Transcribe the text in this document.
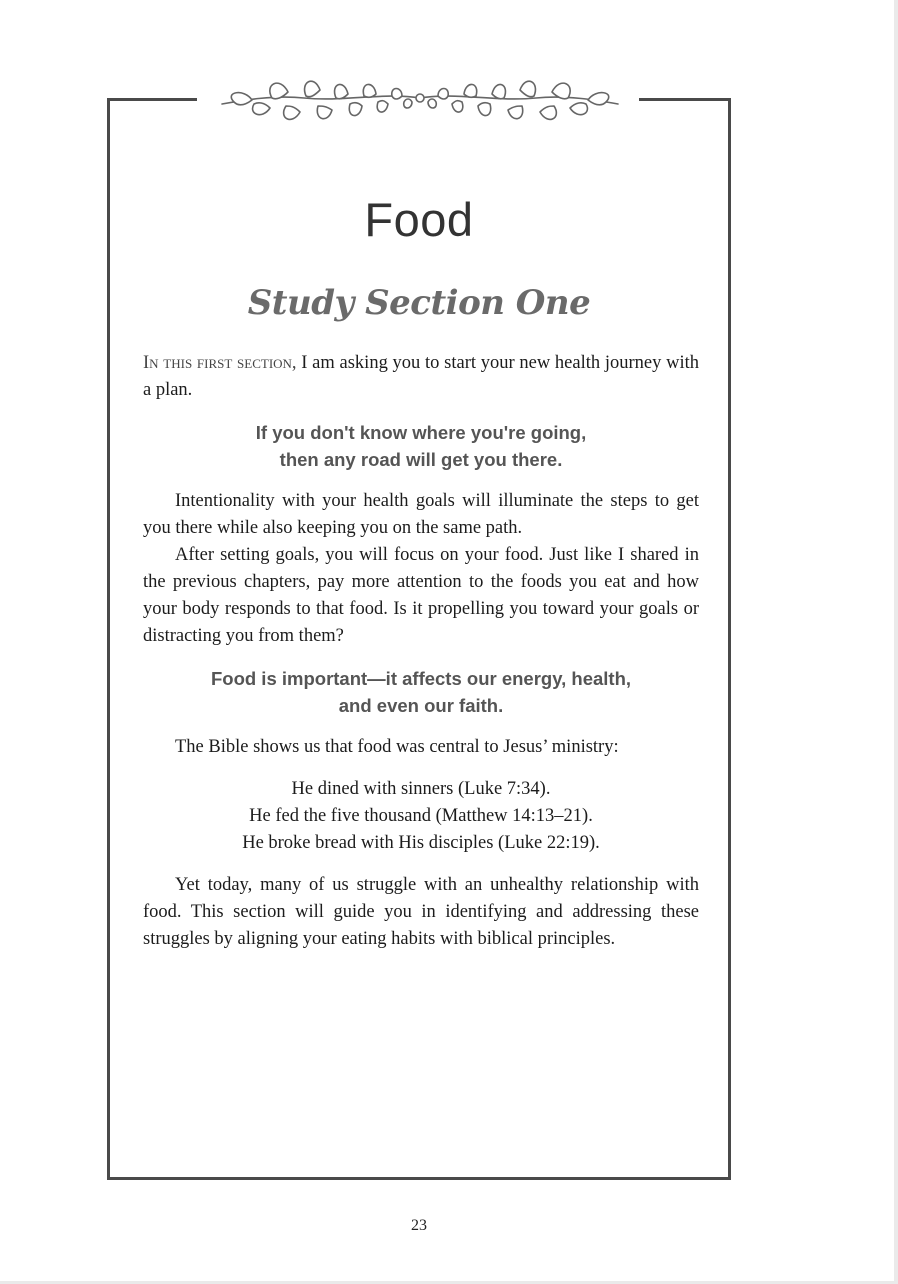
Food
Study Section One

In this first section, I am asking you to start your new health journey with a plan.

If you don't know where you're going,
then any road will get you there.

Intentionality with your health goals will illuminate the steps to get you there while also keeping you on the same path.

After setting goals, you will focus on your food. Just like I shared in the previous chapters, pay more attention to the foods you eat and how your body responds to that food. Is it propelling you toward your goals or distracting you from them?

Food is important—it affects our energy, health,
and even our faith.

The Bible shows us that food was central to Jesus’ ministry:

He dined with sinners (Luke 7:34).
He fed the five thousand (Matthew 14:13–21).
He broke bread with His disciples (Luke 22:19).

Yet today, many of us struggle with an unhealthy relationship with food. This section will guide you in identifying and addressing these struggles by aligning your eating habits with biblical principles.

23
